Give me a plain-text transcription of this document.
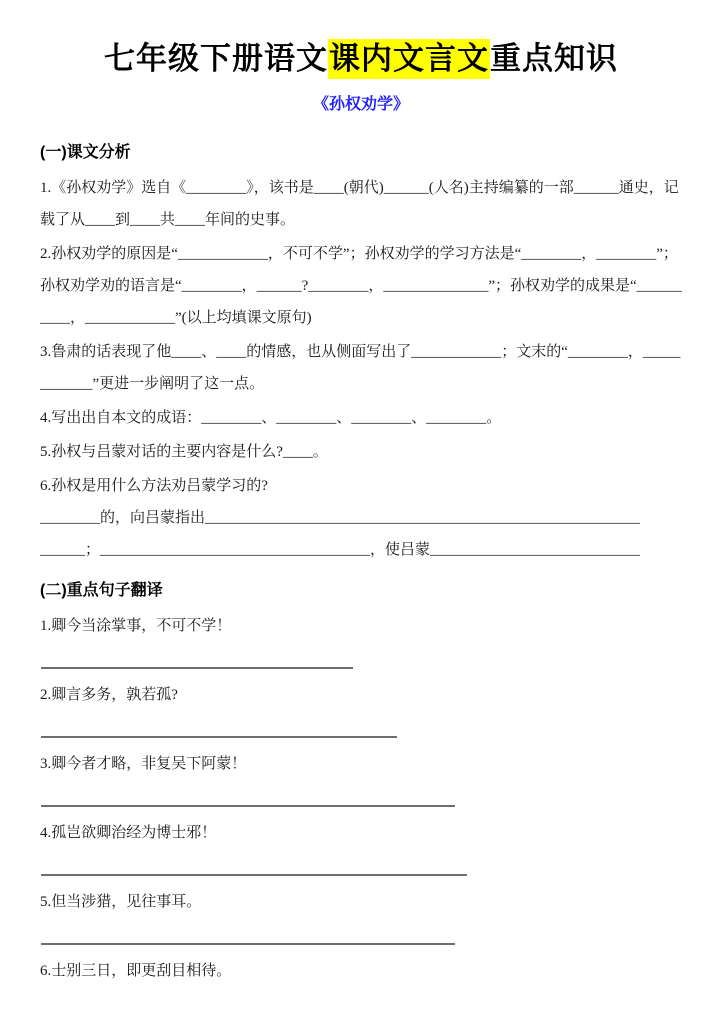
七年级下册语文课内文言文重点知识
《孙权劝学》
(一)课文分析

1.《孙权劝学》选自《________》，该书是____(朝代)______(人名)主持编纂的一部______通史，记载了从____到____共____年间的史事。

2.孙权劝学的原因是“____________，不可不学”；孙权劝学的学习方法是“________，________”；孙权劝学劝的语言是“________，______?________，______________”；孙权劝学的成果是“__________，____________”(以上均填课文原句)

3.鲁肃的话表现了他____、____的情感，也从侧面写出了____________；文末的“________，____________”更进一步阐明了这一点。

4.写出出自本文的成语：________、________、________、________。

5.孙权与吕蒙对话的主要内容是什么?____。

6.孙权是用什么方法劝吕蒙学习的?

________的，向吕蒙指出__________________________________________________________

______；____________________________________，使吕蒙____________________________

(二)重点句子翻译

1.卿今当涂掌事，不可不学！

2.卿言多务，孰若孤?

3.卿今者才略，非复吴下阿蒙！

4.孤岂欲卿治经为博士邪！

5.但当涉猎，见往事耳。

6.士别三日，即更刮目相待。
